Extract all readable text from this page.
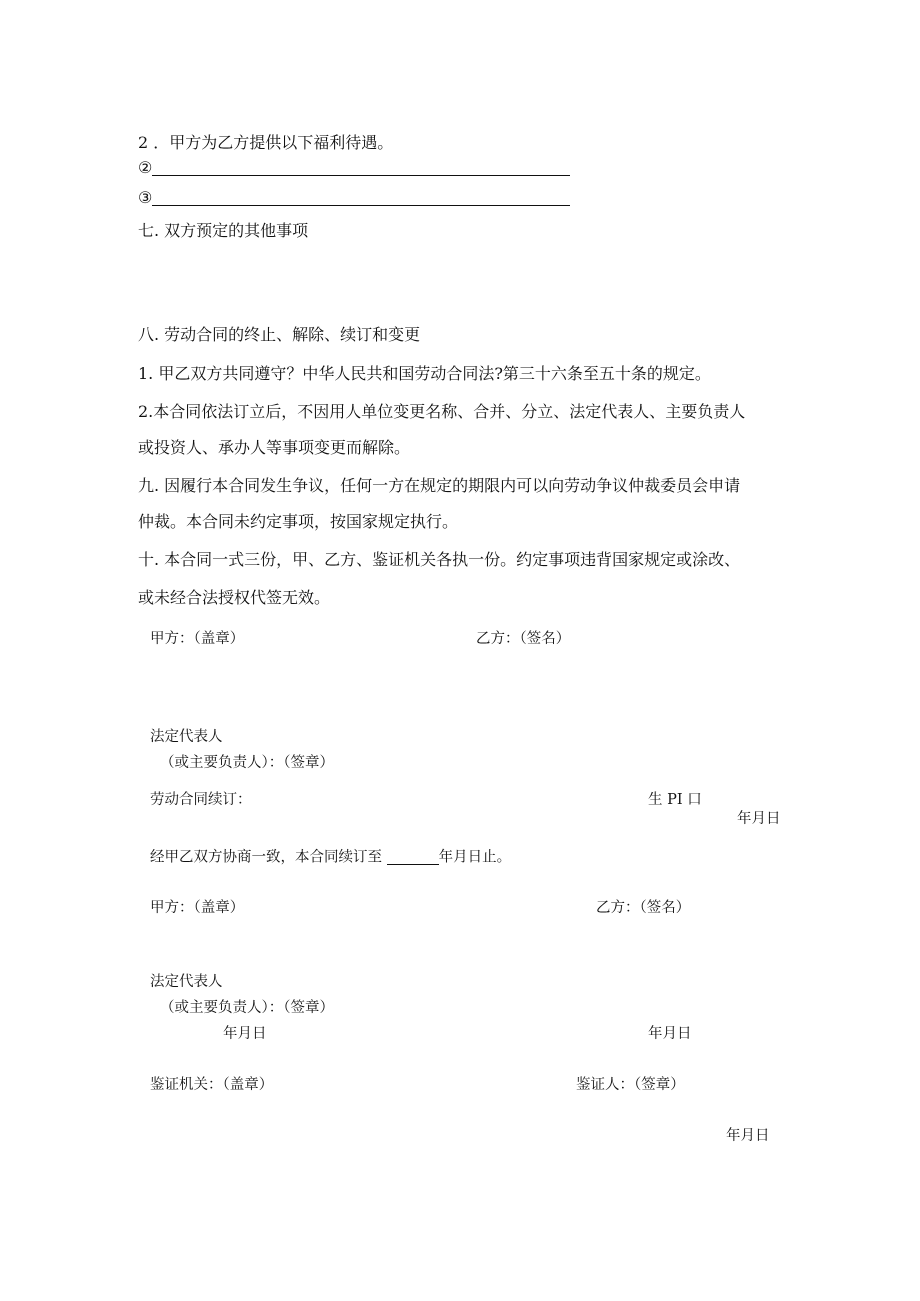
2 ．甲方为乙方提供以下福利待遇。
②
③
七. 双方预定的其他事项
八. 劳动合同的终止、解除、续订和变更
1. 甲乙双方共同遵守？中华人民共和国劳动合同法?第三十六条至五十条的规定。
2.本合同依法订立后，不因用人单位变更名称、合并、分立、法定代表人、主要负责人
或投资人、承办人等事项变更而解除。
九. 因履行本合同发生争议，任何一方在规定的期限内可以向劳动争议仲裁委员会申请
仲裁。本合同未约定事项，按国家规定执行。
十. 本合同一式三份，甲、乙方、鉴证机关各执一份。约定事项违背国家规定或涂改、
或未经合法授权代签无效。
甲方：（盖章）	乙方：（签名）
法定代表人
（或主要负责人）：（签章）
劳动合同续订：	生 PI 口
年月日
经甲乙双方协商一致，本合同续订至	年月日止。
甲方：（盖章）	乙方：（签名）
法定代表人
（或主要负责人）：（签章）
年月日	年月日
鉴证机关：（盖章）	鉴证人：（签章）
年月日
